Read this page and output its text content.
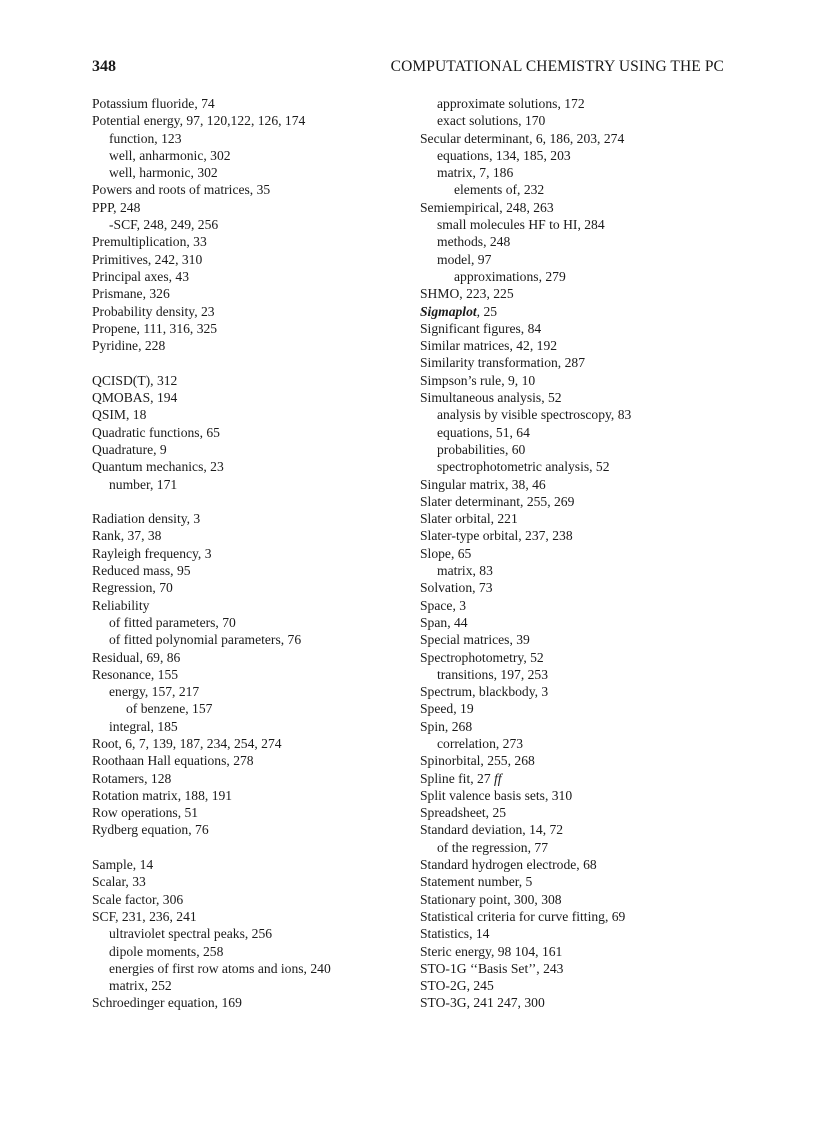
348	COMPUTATIONAL CHEMISTRY USING THE PC
Potassium fluoride, 74
Potential energy, 97, 120,122, 126, 174
function, 123
well, anharmonic, 302
well, harmonic, 302
Powers and roots of matrices, 35
PPP, 248
-SCF, 248, 249, 256
Premultiplication, 33
Primitives, 242, 310
Principal axes, 43
Prismane, 326
Probability density, 23
Propene, 111, 316, 325
Pyridine, 228
QCISD(T), 312
QMOBAS, 194
QSIM, 18
Quadratic functions, 65
Quadrature, 9
Quantum mechanics, 23
number, 171
Radiation density, 3
Rank, 37, 38
Rayleigh frequency, 3
Reduced mass, 95
Regression, 70
Reliability
of fitted parameters, 70
of fitted polynomial parameters, 76
Residual, 69, 86
Resonance, 155
energy, 157, 217
of benzene, 157
integral, 185
Root, 6, 7, 139, 187, 234, 254, 274
Roothaan Hall equations, 278
Rotamers, 128
Rotation matrix, 188, 191
Row operations, 51
Rydberg equation, 76
Sample, 14
Scalar, 33
Scale factor, 306
SCF, 231, 236, 241
ultraviolet spectral peaks, 256
dipole moments, 258
energies of first row atoms and ions, 240
matrix, 252
Schroedinger equation, 169
approximate solutions, 172
exact solutions, 170
Secular determinant, 6, 186, 203, 274
equations, 134, 185, 203
matrix, 7, 186
elements of, 232
Semiempirical, 248, 263
small molecules HF to HI, 284
methods, 248
model, 97
approximations, 279
SHMO, 223, 225
Sigmaplot, 25
Significant figures, 84
Similar matrices, 42, 192
Similarity transformation, 287
Simpson’s rule, 9, 10
Simultaneous analysis, 52
analysis by visible spectroscopy, 83
equations, 51, 64
probabilities, 60
spectrophotometric analysis, 52
Singular matrix, 38, 46
Slater determinant, 255, 269
Slater orbital, 221
Slater-type orbital, 237, 238
Slope, 65
matrix, 83
Solvation, 73
Space, 3
Span, 44
Special matrices, 39
Spectrophotometry, 52
transitions, 197, 253
Spectrum, blackbody, 3
Speed, 19
Spin, 268
correlation, 273
Spinorbital, 255, 268
Spline fit, 27 ff
Split valence basis sets, 310
Spreadsheet, 25
Standard deviation, 14, 72
of the regression, 77
Standard hydrogen electrode, 68
Statement number, 5
Stationary point, 300, 308
Statistical criteria for curve fitting, 69
Statistics, 14
Steric energy, 98 104, 161
STO-1G ‘‘Basis Set’’, 243
STO-2G, 245
STO-3G, 241 247, 300
